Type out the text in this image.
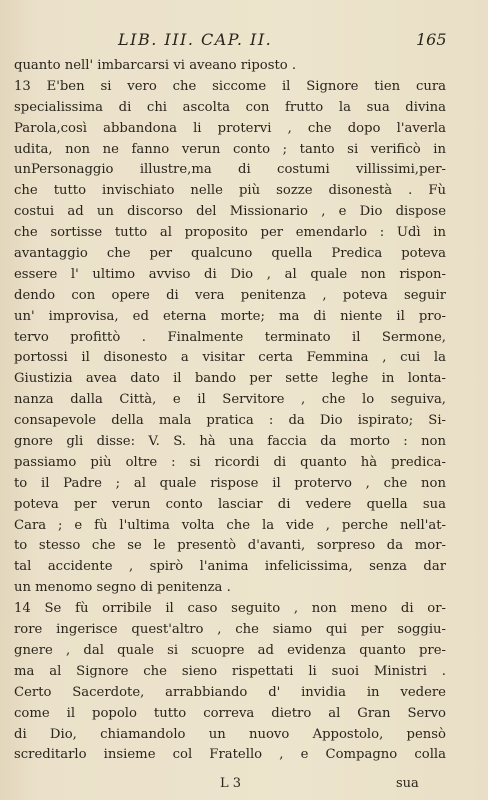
LIB. III. CAP. II.	165
quanto nell' imbarcarsi vi aveano riposto .
13 E'ben si vero che siccome il Signore tien cura
specialissima di chi ascolta con frutto la sua divina
Parola,così abbandona li protervi , che dopo l'averla
udita, non ne fanno verun conto ; tanto si verificò in
unPersonaggio illustre,ma di costumi villissimi,per-
che tutto invischiato nelle più sozze disonestà . Fù
costui ad un discorso del Missionario , e Dio dispose
che sortisse tutto al proposito per emendarlo : Udì in
avantaggio che per qualcuno quella Predica poteva
essere l' ultimo avviso di Dio , al quale non rispon-
dendo con opere di vera penitenza , poteva seguir
un' improvisa, ed eterna morte; ma di niente il pro-
tervo profittò . Finalmente terminato il Sermone,
portossi il disonesto a visitar certa Femmina , cui la
Giustizia avea dato il bando per sette leghe in lonta-
nanza dalla Città, e il Servitore , che lo seguiva,
consapevole della mala pratica : da Dio ispirato; Si-
gnore gli disse: V. S. hà una faccia da morto : non
passiamo più oltre : si ricordi di quanto hà predica-
to il Padre ; al quale rispose il protervo , che non
poteva per verun conto lasciar di vedere quella sua
Cara ; e fù l'ultima volta che la vide , perche nell'at-
to stesso che se le presentò d'avanti, sorpreso da mor-
tal accidente , spirò l'anima infelicissima, senza dar
un menomo segno di penitenza .
14 Se fù orribile il caso seguito , non meno di or-
rore ingerisce quest'altro , che siamo qui per soggiu-
gnere , dal quale si scuopre ad evidenza quanto pre-
ma al Signore che sieno rispettati li suoi Ministri .
Certo Sacerdote, arrabbiando d' invidia in vedere
come il popolo tutto correva dietro al Gran Servo
di Dio, chiamandolo un nuovo Appostolo, pensò
screditarlo insieme col Fratello , e Compagno colla
L 3	sua
